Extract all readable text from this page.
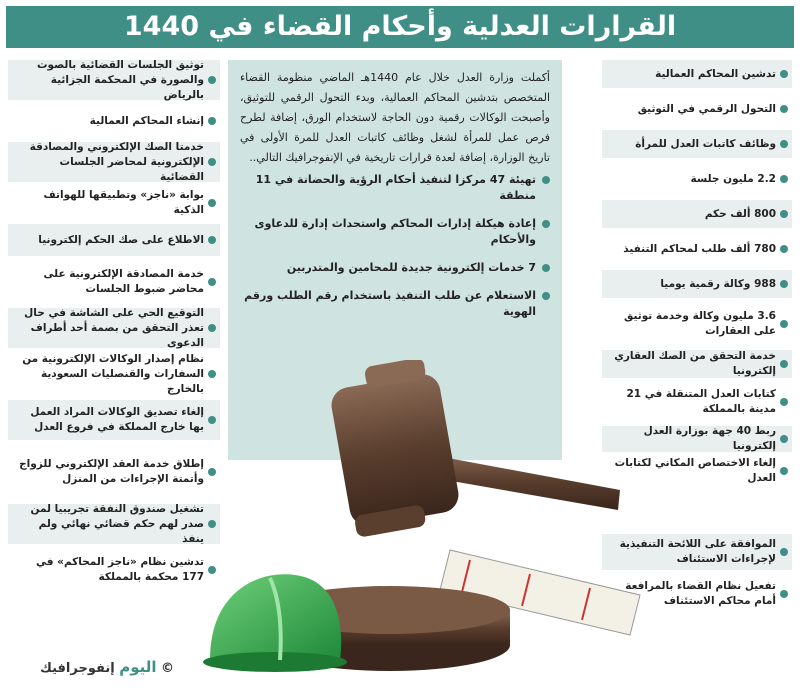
القرارات العدلية وأحكام القضاء في 1440
تدشين المحاكم العمالية
التحول الرقمي في التوثيق
وظائف كاتبات العدل للمرأة
2.2 مليون جلسة
800 ألف حكم
780 ألف طلب لمحاكم التنفيذ
988 وكالة رقمية يوميا
3.6 مليون وكالة وخدمة توثيق على العقارات
خدمة التحقق من الصك العقاري إلكترونيا
كتابات العدل المتنقلة في 21 مدينة بالمملكة
ربط 40 جهة بوزارة العدل إلكترونيا
إلغاء الاختصاص المكاني لكتابات العدل
الموافقة على اللائحة التنفيذية لإجراءات الاستئناف
تفعيل نظام القضاء بالمرافعة أمام محاكم الاستئناف
توثيق الجلسات القضائية بالصوت والصورة في المحكمة الجزائية بالرياض
إنشاء المحاكم العمالية
خدمتا الصك الإلكتروني والمصادقة الإلكترونية لمحاضر الجلسات القضائية
بوابة «ناجز» وتطبيقها للهواتف الذكية
الاطلاع على صك الحكم إلكترونيا
خدمة المصادقة الإلكترونية على محاضر ضبوط الجلسات
التوقيع الحي على الشاشة في حال تعذر التحقق من بصمة أحد أطراف الدعوى
نظام إصدار الوكالات الإلكترونية من السفارات والقنصليات السعودية بالخارج
إلغاء تصديق الوكالات المراد العمل بها خارج المملكة في فروع العدل
إطلاق خدمة العقد الإلكتروني للزواج وأتمتة الإجراءات من المنزل
تشغيل صندوق النفقة تجريبيا لمن صدر لهم حكم قضائي نهائي ولم ينفذ
تدشين نظام «ناجز المحاكم» في 177 محكمة بالمملكة
أكملت وزارة العدل خلال عام 1440هـ الماضي منظومة القضاء المتخصص بتدشين المحاكم العمالية، وبدء التحول الرقمي للتوثيق، وأصبحت الوكالات رقمية دون الحاجة لاستخدام الورق، إضافة لطرح فرص عمل للمرأة لشغل وظائف كاتبات العدل للمرة الأولى في تاريخ الوزارة، إضافة لعدة قرارات تاريخية في الإنفوجرافيك التالي..
تهيئة 47 مركزا لتنفيذ أحكام الرؤية والحضانة في 11 منطقة
إعادة هيكلة إدارات المحاكم واستحداث إدارة للدعاوى والأحكام
7 خدمات إلكترونية جديدة للمحامين والمتدربين
الاستعلام عن طلب التنفيذ باستخدام رقم الطلب ورقم الهوية
اليوم إنفوجرافيك ©
